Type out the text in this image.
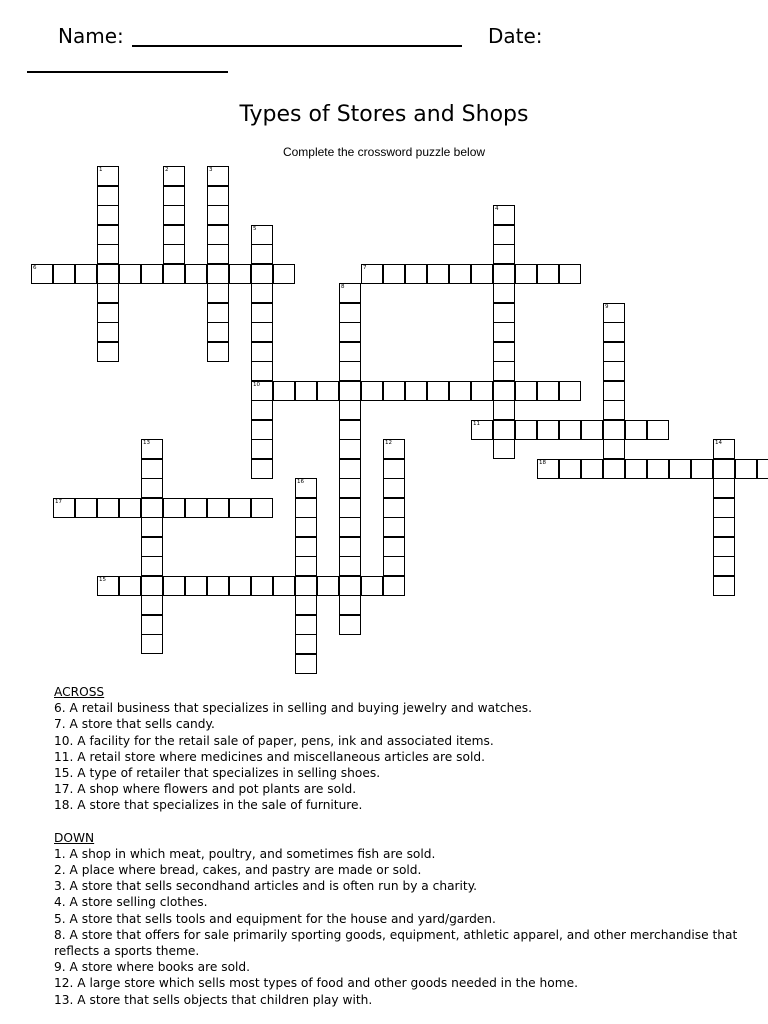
Name:	Date:
Types of Stores and Shops
Complete the crossword puzzle below
1	2	3
4
5
10
6	7
8
9
11
12
13	14
15
16
17
18
ACROSS
6. A retail business that specializes in selling and buying jewelry and watches.
7. A store that sells candy.
10. A facility for the retail sale of paper, pens, ink and associated items.
11. A retail store where medicines and miscellaneous articles are sold.
15. A type of retailer that specializes in selling shoes.
17. A shop where flowers and pot plants are sold.
18. A store that specializes in the sale of furniture.
DOWN
1. A shop in which meat, poultry, and sometimes fish are sold.
2. A place where bread, cakes, and pastry are made or sold.
3. A store that sells secondhand articles and is often run by a charity.
4. A store selling clothes.
5. A store that sells tools and equipment for the house and yard/garden.
8. A store that offers for sale primarily sporting goods, equipment, athletic apparel, and other merchandise that reflects a sports theme.
9. A store where books are sold.
12. A large store which sells most types of food and other goods needed in the home.
13. A store that sells objects that children play with.
